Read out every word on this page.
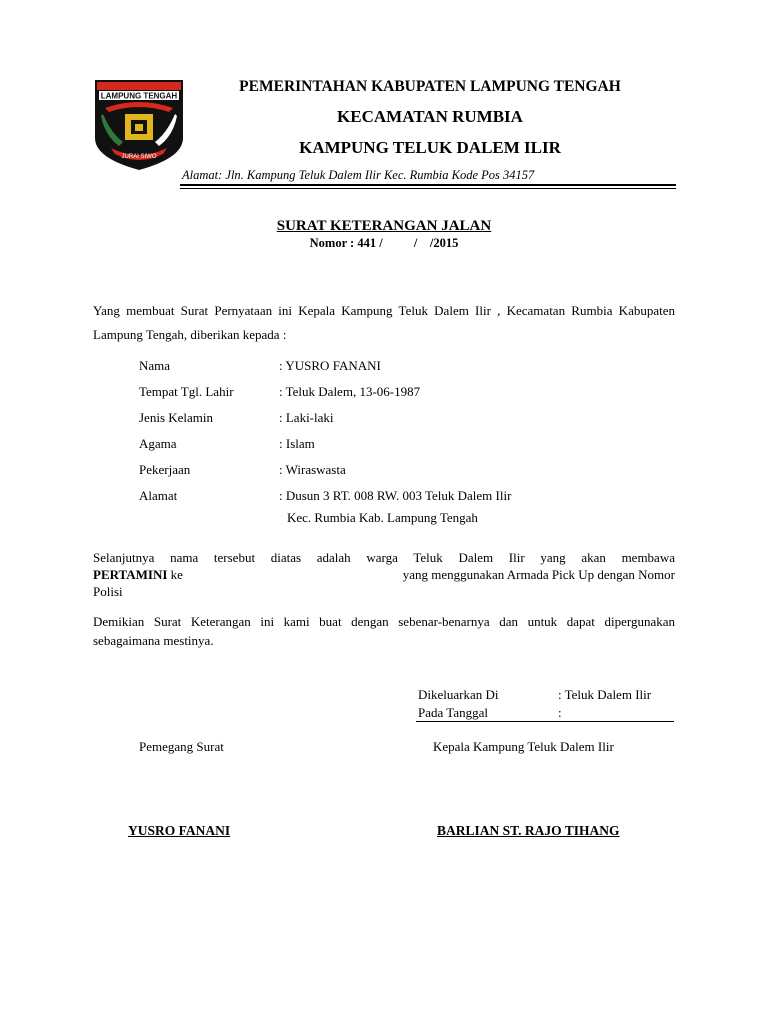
LAMPUNG TENGAH
JURAI SIWO
PEMERINTAHAN KABUPATEN LAMPUNG TENGAH
KECAMATAN RUMBIA
KAMPUNG TELUK DALEM ILIR
Alamat: Jln. Kampung Teluk Dalem Ilir Kec. Rumbia Kode Pos 34157
SURAT KETERANGAN JALAN
Nomor : 441 /          /    /2015
Yang membuat Surat Pernyataan ini Kepala Kampung Teluk Dalem Ilir , Kecamatan Rumbia Kabupaten Lampung Tengah, diberikan kepada :
Nama	: YUSRO FANANI
Tempat Tgl. Lahir	: Teluk Dalem, 13-06-1987
Jenis Kelamin	: Laki-laki
Agama	: Islam
Pekerjaan	: Wiraswasta
Alamat	: Dusun 3 RT. 008 RW. 003 Teluk Dalem Ilir
Kec. Rumbia Kab. Lampung Tengah
Selanjutnya nama tersebut diatas adalah warga Teluk Dalem Ilir yang akan membawa
PERTAMINI ke	yang menggunakan Armada Pick Up dengan Nomor
Polisi
Demikian Surat Keterangan ini kami buat dengan sebenar-benarnya dan untuk dapat dipergunakan sebagaimana mestinya.
Dikeluarkan Di	: Teluk Dalem Ilir
Pada Tanggal	:
Pemegang Surat	Kepala Kampung Teluk Dalem Ilir
YUSRO FANANI	BARLIAN ST. RAJO TIHANG
